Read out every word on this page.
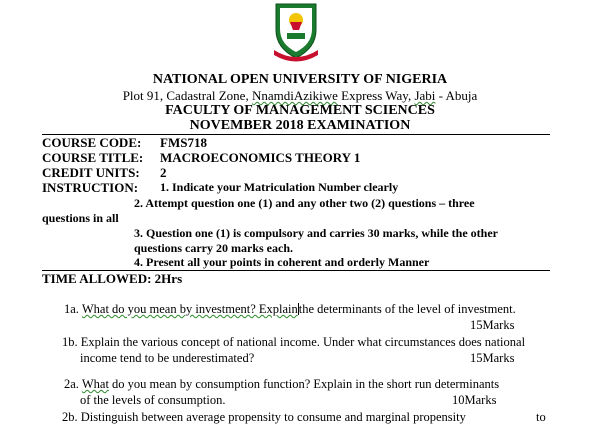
NATIONAL OPEN UNIVERSITY OF NIGERIA
Plot 91, Cadastral Zone, NnamdiAzikiwe Express Way, Jabi - Abuja
FACULTY OF MANAGEMENT SCIENCES
NOVEMBER 2018 EXAMINATION
COURSE CODE: FMS718
COURSE TITLE: MACROECONOMICS THEORY 1
CREDIT UNITS: 2
INSTRUCTION: 1. Indicate your Matriculation Number clearly
2. Attempt question one (1) and any other two (2) questions – three
questions in all
3. Question one (1) is compulsory and carries 30 marks, while the other
questions carry 20 marks each.
4. Present all your points in coherent and orderly Manner
TIME ALLOWED: 2Hrs
1a. What do you mean by investment? Explainthe determinants of the level of investment.
15Marks
1b. Explain the various concept of national income. Under what circumstances does national
income tend to be underestimated?	15Marks
2a. What do you mean by consumption function? Explain in the short run determinants
of the levels of consumption.	10Marks
2b. Distinguish between average propensity to consume and marginal propensity	to
